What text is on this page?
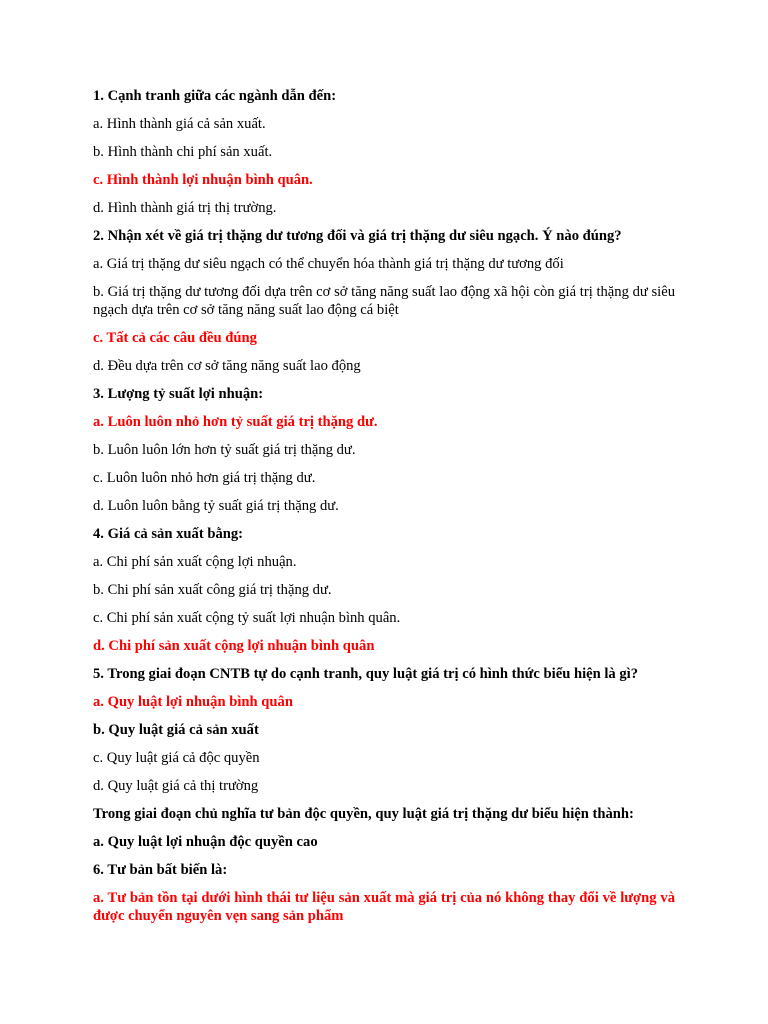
1. Cạnh tranh giữa các ngành dẫn đến:

a. Hình thành giá cả sản xuất.

b. Hình thành chi phí sản xuất.

c. Hình thành lợi nhuận bình quân.

d. Hình thành giá trị thị trường.

2. Nhận xét về giá trị thặng dư tương đối và giá trị thặng dư siêu ngạch. Ý nào đúng?

a. Giá trị thặng dư siêu ngạch có thể chuyển hóa thành giá trị thặng dư tương đối

b. Giá trị thặng dư tương đối dựa trên cơ sở tăng năng suất lao động xã hội còn giá trị thặng dư siêu ngạch dựa trên cơ sở tăng năng suất lao động cá biệt

c. Tất cả các câu đều đúng

d. Đều dựa trên cơ sở tăng năng suất lao động

3. Lượng tỷ suất lợi nhuận:

a. Luôn luôn nhỏ hơn tỷ suất giá trị thặng dư.

b. Luôn luôn lớn hơn tỷ suất giá trị thặng dư.

c. Luôn luôn nhỏ hơn giá trị thặng dư.

d. Luôn luôn bằng tỷ suất giá trị thặng dư.

4. Giá cả sản xuất bằng:

a. Chi phí sản xuất cộng lợi nhuận.

b. Chi phí sản xuất công giá trị thặng dư.

c. Chi phí sản xuất cộng tỷ suất lợi nhuận bình quân.

d. Chi phí sản xuất cộng lợi nhuận bình quân

5. Trong giai đoạn CNTB tự do cạnh tranh, quy luật giá trị có hình thức biểu hiện là gì?

a. Quy luật lợi nhuận bình quân

b. Quy luật giá cả sản xuất

c. Quy luật giá cả độc quyền

d. Quy luật giá cả thị trường

Trong giai đoạn chủ nghĩa tư bản độc quyền, quy luật giá trị thặng dư biểu hiện thành:

a. Quy luật lợi nhuận độc quyền cao

6. Tư bản bất biến là:

a. Tư bản tồn tại dưới hình thái tư liệu sản xuất mà giá trị của nó không thay đổi về lượng và được chuyển nguyên vẹn sang sản phẩm
